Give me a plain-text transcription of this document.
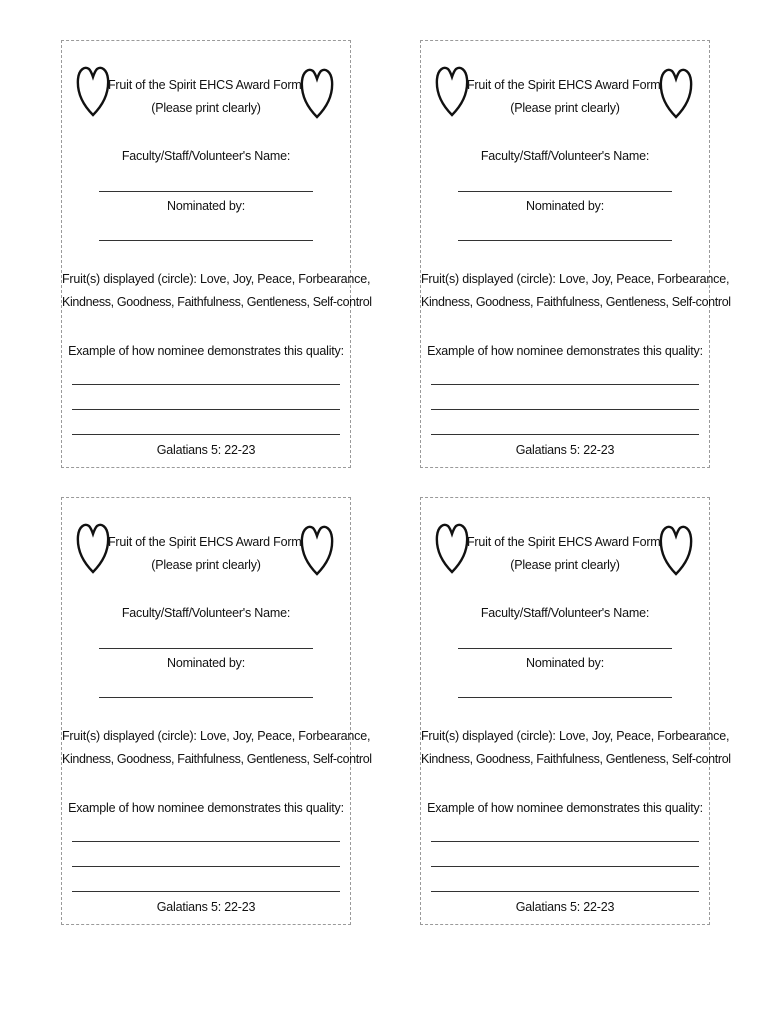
Fruit of the Spirit EHCS Award Form
(Please print clearly)
Faculty/Staff/Volunteer's Name:
Nominated by:
Fruit(s) displayed (circle): Love, Joy, Peace, Forbearance,
Kindness, Goodness, Faithfulness, Gentleness, Self-control
Example of how nominee demonstrates this quality:
Galatians 5: 22-23
Fruit of the Spirit EHCS Award Form
(Please print clearly)
Faculty/Staff/Volunteer's Name:
Nominated by:
Fruit(s) displayed (circle): Love, Joy, Peace, Forbearance,
Kindness, Goodness, Faithfulness, Gentleness, Self-control
Example of how nominee demonstrates this quality:
Galatians 5: 22-23
Fruit of the Spirit EHCS Award Form
(Please print clearly)
Faculty/Staff/Volunteer's Name:
Nominated by:
Fruit(s) displayed (circle): Love, Joy, Peace, Forbearance,
Kindness, Goodness, Faithfulness, Gentleness, Self-control
Example of how nominee demonstrates this quality:
Galatians 5: 22-23
Fruit of the Spirit EHCS Award Form
(Please print clearly)
Faculty/Staff/Volunteer's Name:
Nominated by:
Fruit(s) displayed (circle): Love, Joy, Peace, Forbearance,
Kindness, Goodness, Faithfulness, Gentleness, Self-control
Example of how nominee demonstrates this quality:
Galatians 5: 22-23
